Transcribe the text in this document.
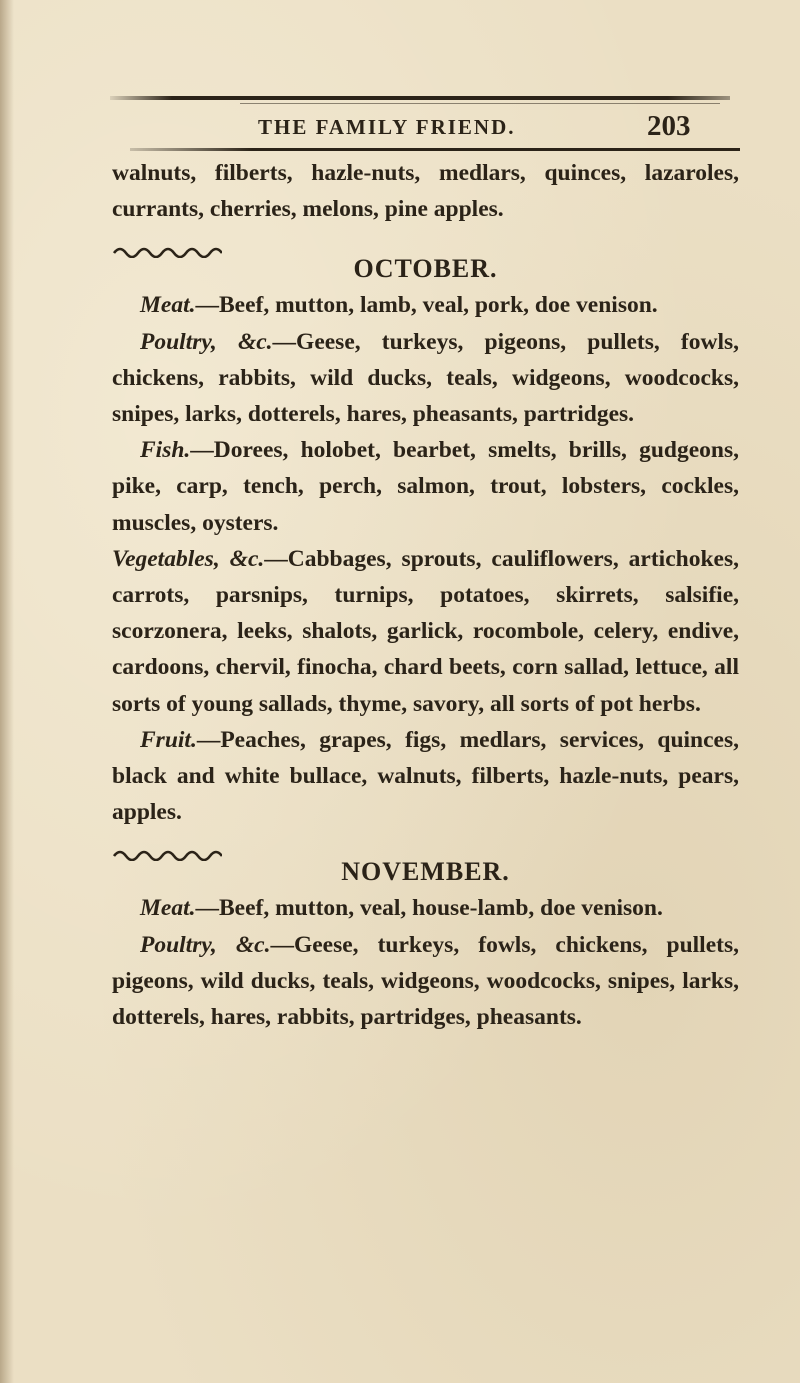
THE FAMILY FRIEND.	203

walnuts, filberts, hazle-nuts, medlars, quinces, lazaroles, currants, cherries, melons, pine apples.

OCTOBER.

Meat.—Beef, mutton, lamb, veal, pork, doe venison.

Poultry, &c.—Geese, turkeys, pigeons, pullets, fowls, chickens, rabbits, wild ducks, teals, widgeons, woodcocks, snipes, larks, dotterels, hares, pheasants, partridges.

Fish.—Dorees, holobet, bearbet, smelts, brills, gudgeons, pike, carp, tench, perch, salmon, trout, lobsters, cockles, muscles, oysters.

Vegetables, &c.—Cabbages, sprouts, cauliflowers, artichokes, carrots, parsnips, turnips, potatoes, skirrets, salsifie, scorzonera, leeks, shalots, garlick, rocombole, celery, endive, cardoons, chervil, finocha, chard beets, corn sallad, lettuce, all sorts of young sallads, thyme, savory, all sorts of pot herbs.

Fruit.—Peaches, grapes, figs, medlars, services, quinces, black and white bullace, walnuts, filberts, hazle-nuts, pears, apples.

NOVEMBER.

Meat.—Beef, mutton, veal, house-lamb, doe venison.

Poultry, &c.—Geese, turkeys, fowls, chickens, pullets, pigeons, wild ducks, teals, widgeons, woodcocks, snipes, larks, dotterels, hares, rabbits, partridges, pheasants.
